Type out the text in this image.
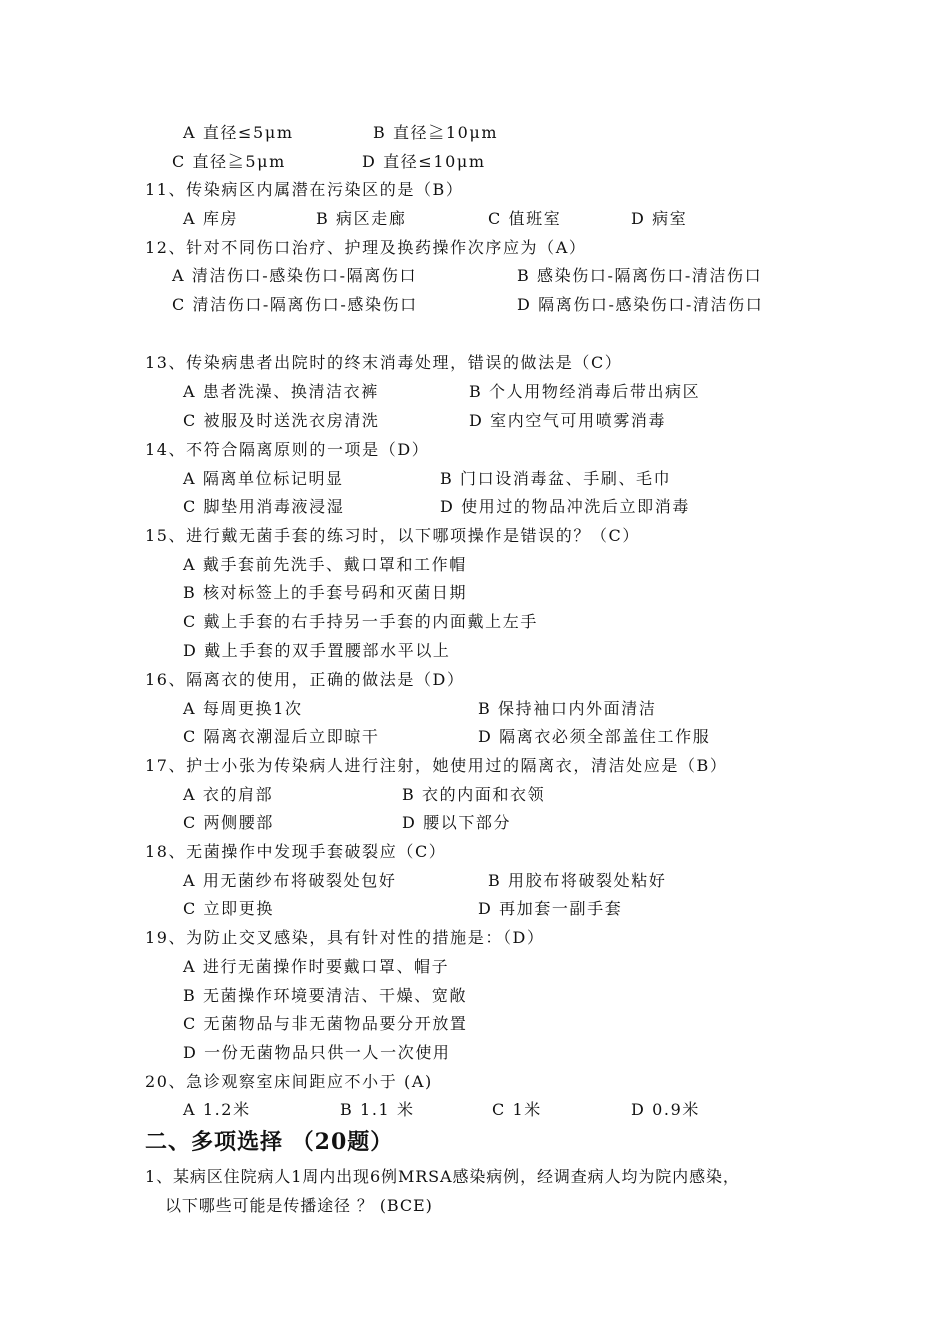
A 直径≤5μm	B 直径≧10μm
C 直径≧5μm	D 直径≤10μm
11、传染病区内属潜在污染区的是（B）
A 库房	B 病区走廊	C 值班室	D 病室
12、针对不同伤口治疗、护理及换药操作次序应为（A）
A 清洁伤口-感染伤口-隔离伤口	B 感染伤口-隔离伤口-清洁伤口
C 清洁伤口-隔离伤口-感染伤口	D 隔离伤口-感染伤口-清洁伤口
13、传染病患者出院时的终末消毒处理，错误的做法是（C）
A 患者洗澡、换清洁衣裤	B 个人用物经消毒后带出病区
C 被服及时送洗衣房清洗	D 室内空气可用喷雾消毒
14、不符合隔离原则的一项是（D）
A 隔离单位标记明显	B 门口设消毒盆、手刷、毛巾
C 脚垫用消毒液浸湿	D 使用过的物品冲洗后立即消毒
15、进行戴无菌手套的练习时，以下哪项操作是错误的？（C）
A 戴手套前先洗手、戴口罩和工作帽
B 核对标签上的手套号码和灭菌日期
C 戴上手套的右手持另一手套的内面戴上左手
D 戴上手套的双手置腰部水平以上
16、隔离衣的使用，正确的做法是（D）
A 每周更换1次	B 保持袖口内外面清洁
C 隔离衣潮湿后立即晾干	D 隔离衣必须全部盖住工作服
17、护士小张为传染病人进行注射，她使用过的隔离衣，清洁处应是（B）
A 衣的肩部	B 衣的内面和衣领
C 两侧腰部	D 腰以下部分
18、无菌操作中发现手套破裂应（C）
A 用无菌纱布将破裂处包好	B 用胶布将破裂处粘好
C 立即更换	D 再加套一副手套
19、为防止交叉感染，具有针对性的措施是：（D）
A 进行无菌操作时要戴口罩、帽子
B 无菌操作环境要清洁、干燥、宽敞
C 无菌物品与非无菌物品要分开放置
D 一份无菌物品只供一人一次使用
20、急诊观察室床间距应不小于 (A)
A 1.2米	B 1.1 米	C 1米	D 0.9米
二、多项选择 （20题）
1、某病区住院病人1周内出现6例MRSA感染病例，经调查病人均为院内感染，
以下哪些可能是传播途径 ？ (BCE)
